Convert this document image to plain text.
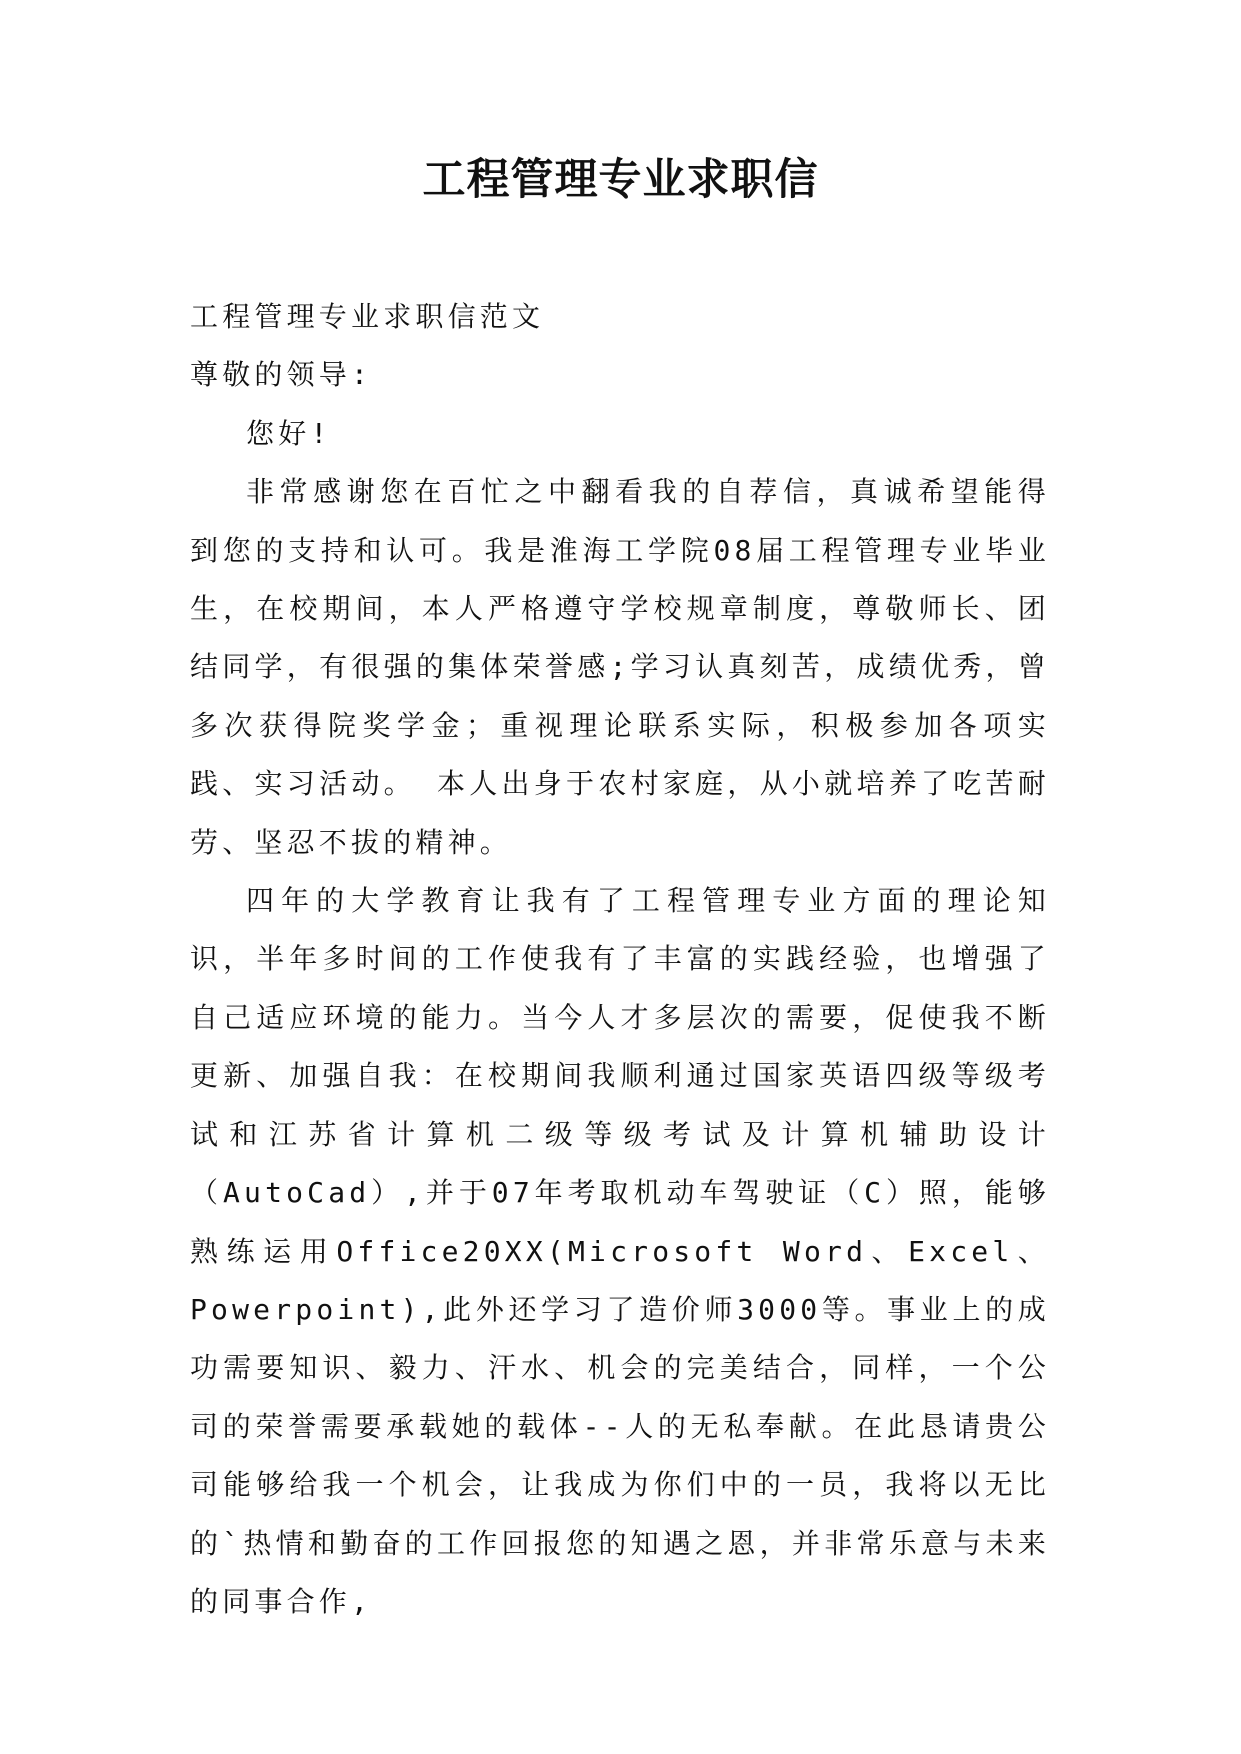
工程管理专业求职信

工程管理专业求职信范文

尊敬的领导:

您好!

非常感谢您在百忙之中翻看我的自荐信，真诚希望能得到您的支持和认可。我是淮海工学院08届工程管理专业毕业生，在校期间，本人严格遵守学校规章制度，尊敬师长、团结同学，有很强的集体荣誉感;学习认真刻苦，成绩优秀，曾多次获得院奖学金；重视理论联系实际，积极参加各项实践、实习活动。 本人出身于农村家庭，从小就培养了吃苦耐劳、坚忍不拔的精神。

四年的大学教育让我有了工程管理专业方面的理论知识，半年多时间的工作使我有了丰富的实践经验，也增强了自己适应环境的能力。当今人才多层次的需要，促使我不断更新、加强自我：在校期间我顺利通过国家英语四级等级考试和江苏省计算机二级等级考试及计算机辅助设计（AutoCad）,并于07年考取机动车驾驶证（C）照，能够熟练运用Office20XX(Microsoft Word、Excel、Powerpoint),此外还学习了造价师3000等。事业上的成功需要知识、毅力、汗水、机会的完美结合，同样，一个公司的荣誉需要承载她的载体--人的无私奉献。在此恳请贵公司能够给我一个机会，让我成为你们中的一员，我将以无比的`热情和勤奋的工作回报您的知遇之恩，并非常乐意与未来的同事合作,
